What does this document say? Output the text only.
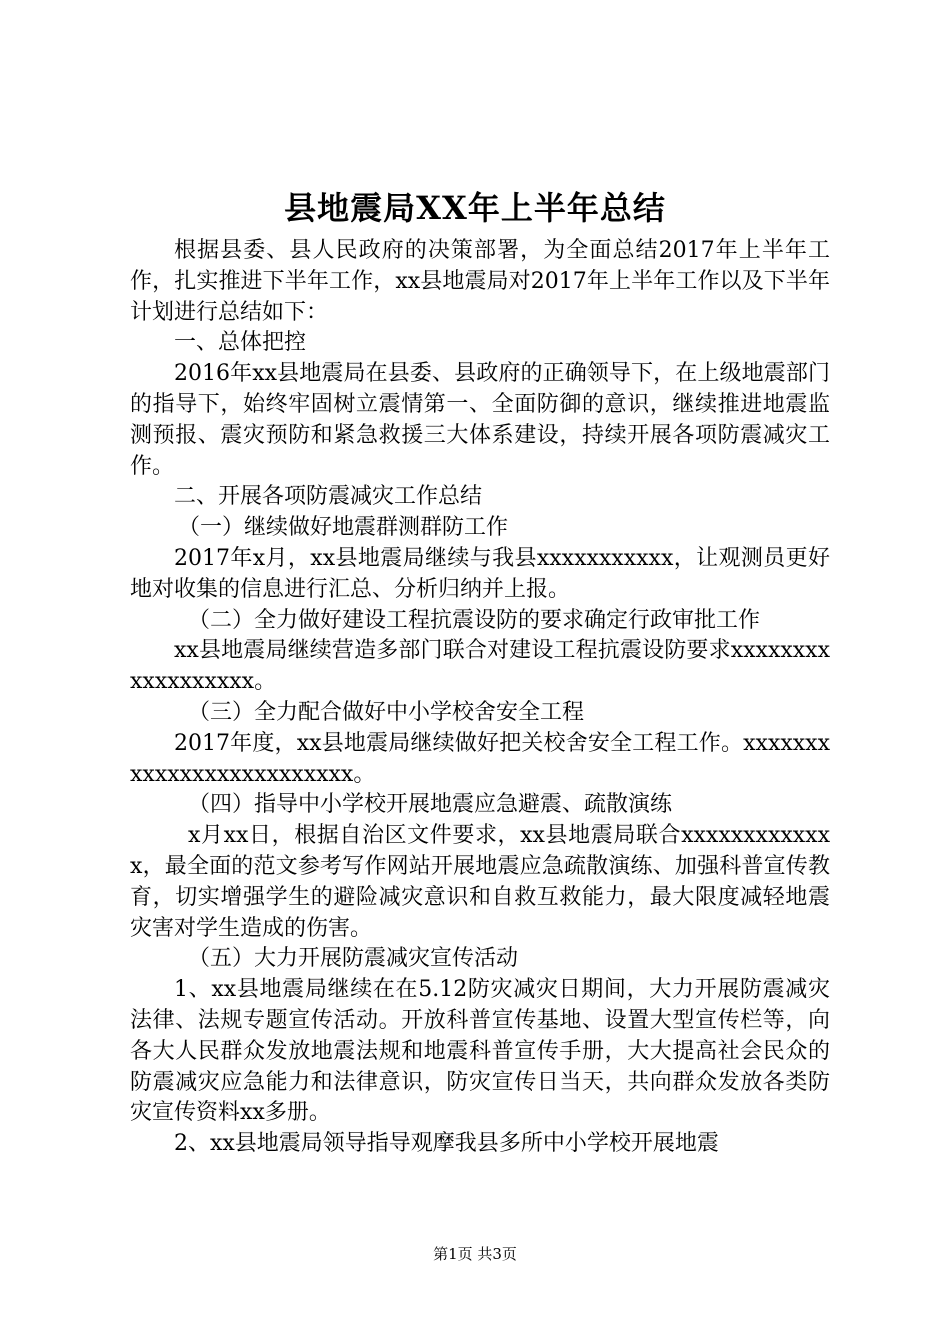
县地震局XX年上半年总结

根据县委、县人民政府的决策部署，为全面总结2017年上半年工作，扎实推进下半年工作，xx县地震局对2017年上半年工作以及下半年计划进行总结如下：

一、总体把控

2016年xx县地震局在县委、县政府的正确领导下，在上级地震部门的指导下，始终牢固树立震情第一、全面防御的意识，继续推进地震监测预报、震灾预防和紧急救援三大体系建设，持续开展各项防震减灾工作。

二、开展各项防震减灾工作总结

（一）继续做好地震群测群防工作

2017年x月，xx县地震局继续与我县xxxxxxxxxxx，让观测员更好地对收集的信息进行汇总、分析归纳并上报。

（二）全力做好建设工程抗震设防的要求确定行政审批工作

xx县地震局继续营造多部门联合对建设工程抗震设防要求xxxxxxxxxxxxxxxxxx。

（三）全力配合做好中小学校舍安全工程

2017年度，xx县地震局继续做好把关校舍安全工程工作。xxxxxxxxxxxxxxxxxxxxxxxxx。

（四）指导中小学校开展地震应急避震、疏散演练

x月xx日，根据自治区文件要求，xx县地震局联合xxxxxxxxxxxxx，最全面的范文参考写作网站开展地震应急疏散演练、加强科普宣传教育，切实增强学生的避险减灾意识和自救互救能力，最大限度减轻地震灾害对学生造成的伤害。

（五）大力开展防震减灾宣传活动

1、xx县地震局继续在在5.12防灾减灾日期间，大力开展防震减灾法律、法规专题宣传活动。开放科普宣传基地、设置大型宣传栏等，向各大人民群众发放地震法规和地震科普宣传手册，大大提高社会民众的防震减灾应急能力和法律意识，防灾宣传日当天，共向群众发放各类防灾宣传资料xx多册。

2、xx县地震局领导指导观摩我县多所中小学校开展地震

第1页 共3页
